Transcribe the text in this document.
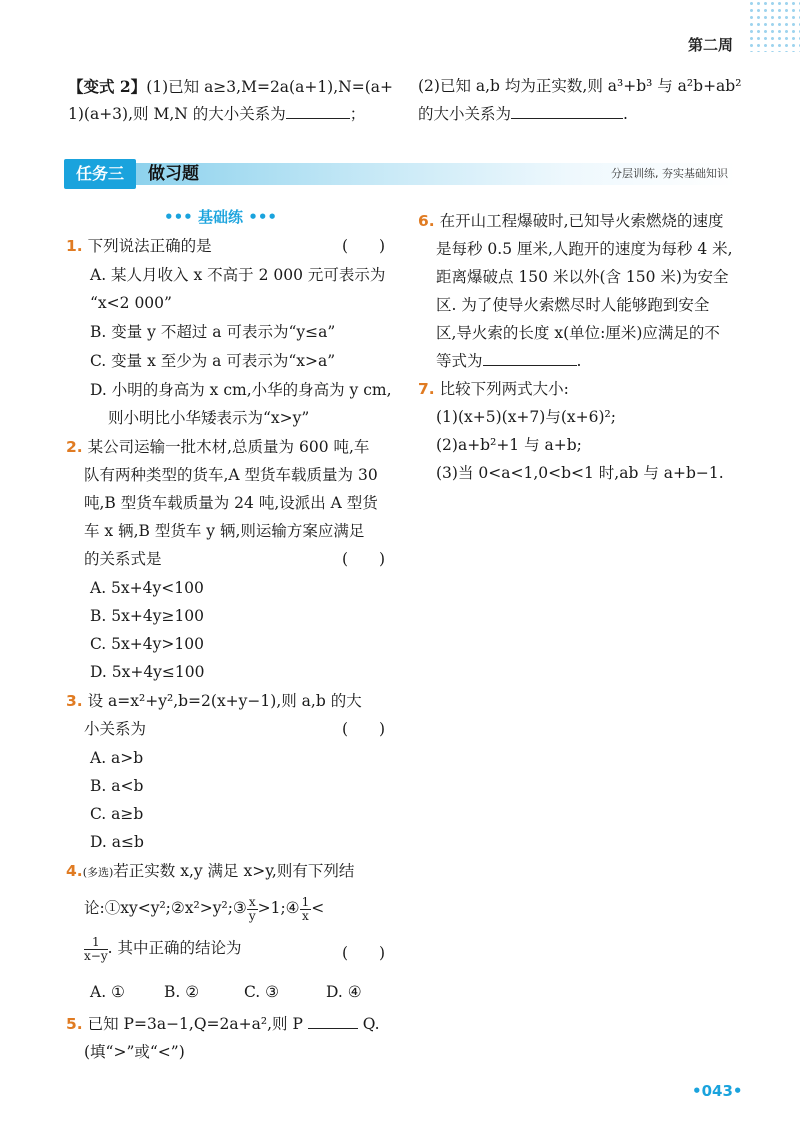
第二周
【变式 2】(1)已知 a≥3,M=2a(a+1),N=(a+
1)(a+3),则 M,N 的大小关系为	；
(2)已知 a,b 均为正实数,则 a³+b³ 与 a²b+ab²
的大小关系为	.
任务三	做习题	分层训练, 夯实基础知识
••• 基础练 •••
1. 下列说法正确的是	(　　)
A. 某人月收入 x 不高于 2 000 元可表示为
“x<2 000”
B. 变量 y 不超过 a 可表示为“y≤a”
C. 变量 x 至少为 a 可表示为“x>a”
D. 小明的身高为 x cm,小华的身高为 y cm,
则小明比小华矮表示为“x>y”
2. 某公司运输一批木材,总质量为 600 吨,车
队有两种类型的货车,A 型货车载质量为 30
吨,B 型货车载质量为 24 吨,设派出 A 型货
车 x 辆,B 型货车 y 辆,则运输方案应满足
的关系式是	(　　)
A. 5x+4y<100
B. 5x+4y≥100
C. 5x+4y>100
D. 5x+4y≤100
3. 设 a=x²+y²,b=2(x+y−1),则 a,b 的大
小关系为	(　　)
A. a>b
B. a<b
C. a≥b
D. a≤b
4.(多选)若正实数 x,y 满足 x>y,则有下列结
论:①xy<y²;②x²>y²;③ $\frac{x}{y}$ >1;④ $\frac{1}{x}$ <
$\frac{1}{x-y}$ . 其中正确的结论为	(　　)
A. ①	B. ②	C. ③	D. ④
5. 已知 P=3a−1,Q=2a+a²,则 P	Q.
(填“>”或“<”)
6. 在开山工程爆破时,已知导火索燃烧的速度
是每秒 0.5 厘米,人跑开的速度为每秒 4 米,
距离爆破点 150 米以外(含 150 米)为安全
区. 为了使导火索燃尽时人能够跑到安全
区,导火索的长度 x(单位:厘米)应满足的不
等式为	.
7. 比较下列两式大小:
(1)(x+5)(x+7)与(x+6)²;
(2)a+b²+1 与 a+b;
(3)当 0<a<1,0<b<1 时,ab 与 a+b−1.
•043•
